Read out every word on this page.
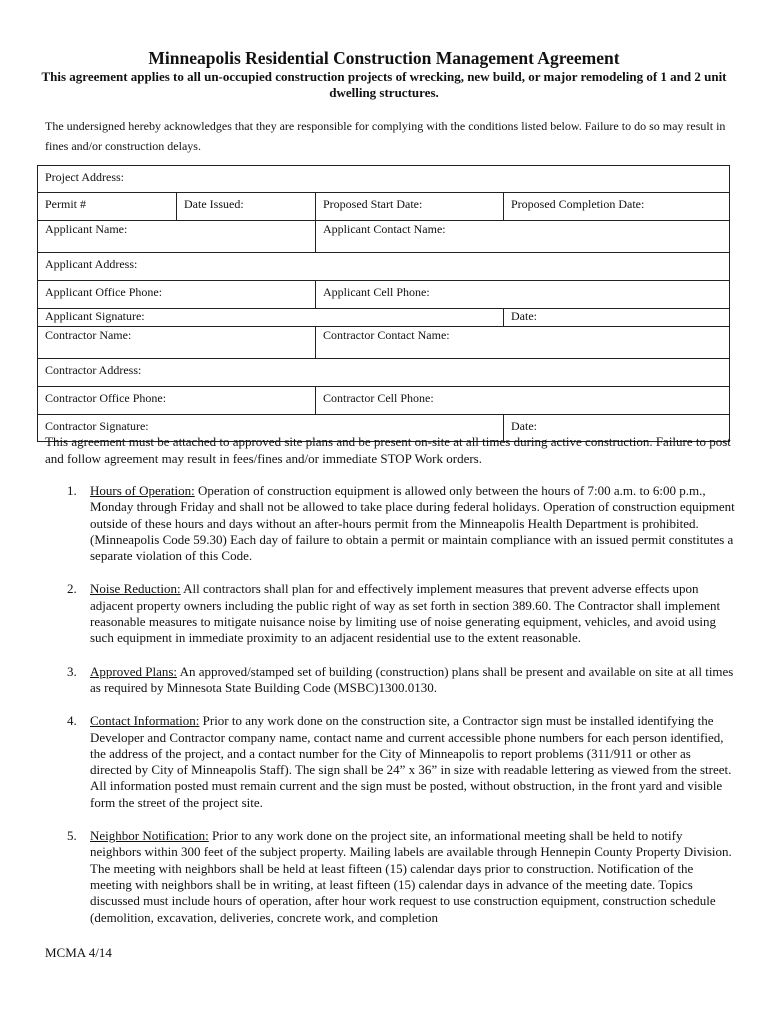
Minneapolis Residential Construction Management Agreement
This agreement applies to all un-occupied construction projects of wrecking, new build, or major remodeling of 1 and 2 unit dwelling structures.
The undersigned hereby acknowledges that they are responsible for complying with the conditions listed below. Failure to do so may result in fines and/or construction delays.
Project Address:			
Permit #	Date Issued:	Proposed Start Date:	Proposed Completion Date:
Applicant Name:		Applicant Contact Name:	
Applicant Address:			
Applicant Office Phone:		Applicant Cell Phone:	
Applicant Signature:			Date:
Contractor Name:		Contractor Contact Name:	
Contractor Address:			
Contractor Office Phone:		Contractor Cell Phone:	
Contractor Signature:			Date:
This agreement must be attached to approved site plans and be present on-site at all times during active construction. Failure to post and follow agreement may result in fees/fines and/or immediate STOP Work orders.
1. Hours of Operation: Operation of construction equipment is allowed only between the hours of 7:00 a.m. to 6:00 p.m., Monday through Friday and shall not be allowed to take place during federal holidays. Operation of construction equipment outside of these hours and days without an after-hours permit from the Minneapolis Health Department is prohibited. (Minneapolis Code 59.30) Each day of failure to obtain a permit or maintain compliance with an issued permit constitutes a separate violation of this Code.
2. Noise Reduction: All contractors shall plan for and effectively implement measures that prevent adverse effects upon adjacent property owners including the public right of way as set forth in section 389.60. The Contractor shall implement reasonable measures to mitigate nuisance noise by limiting use of noise generating equipment, vehicles, and avoid using such equipment in immediate proximity to an adjacent residential use to the extent reasonable.
3. Approved Plans: An approved/stamped set of building (construction) plans shall be present and available on site at all times as required by Minnesota State Building Code (MSBC)1300.0130.
4. Contact Information: Prior to any work done on the construction site, a Contractor sign must be installed identifying the Developer and Contractor company name, contact name and current accessible phone numbers for each person identified, the address of the project, and a contact number for the City of Minneapolis to report problems (311/911 or other as directed by City of Minneapolis Staff). The sign shall be 24” x 36” in size with readable lettering as viewed from the street. All information posted must remain current and the sign must be posted, without obstruction, in the front yard and visible form the street of the project site.
5. Neighbor Notification: Prior to any work done on the project site, an informational meeting shall be held to notify neighbors within 300 feet of the subject property. Mailing labels are available through Hennepin County Property Division. The meeting with neighbors shall be held at least fifteen (15) calendar days prior to construction. Notification of the meeting with neighbors shall be in writing, at least fifteen (15) calendar days in advance of the meeting date. Topics discussed must include hours of operation, after hour work request to use construction equipment, construction schedule (demolition, excavation, deliveries, concrete work, and completion
MCMA 4/14
